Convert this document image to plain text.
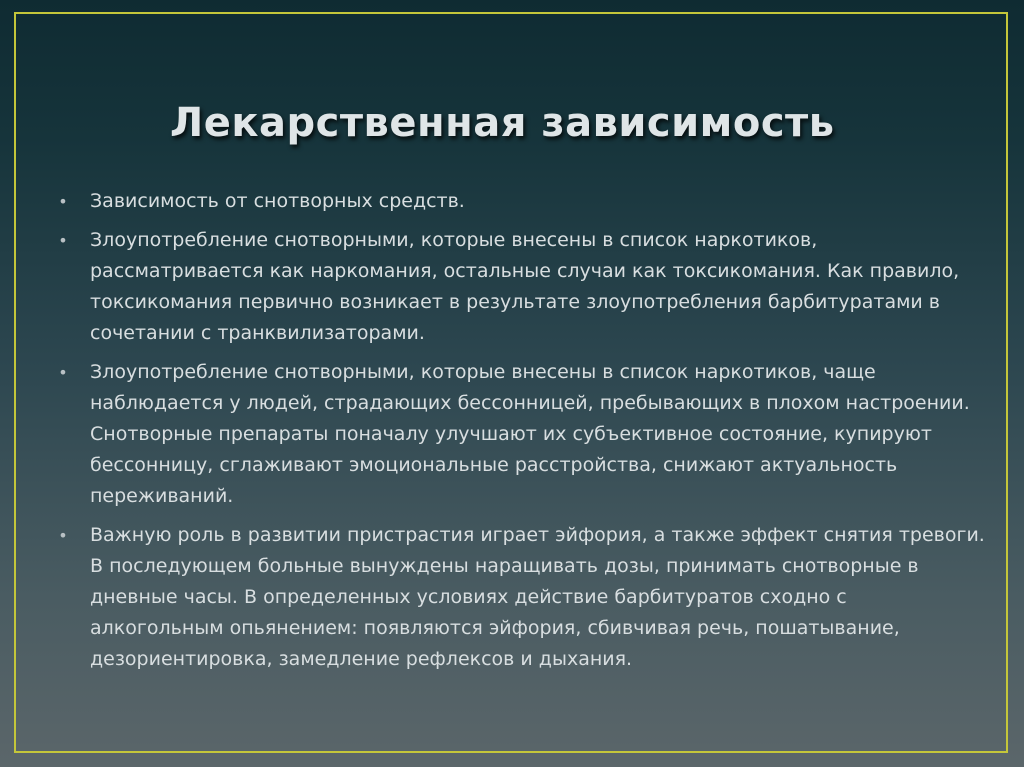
Лекарственная зависимость
• Зависимость от снотворных средств.
• Злоупотребление снотворными, которые внесены в список наркотиков, рассматривается как наркомания, остальные случаи как токсикомания. Как правило, токсикомания первично возникает в результате злоупотребления барбитуратами в сочетании с транквилизаторами.
• Злоупотребление снотворными, которые внесены в список наркотиков, чаще наблюдается у людей, страдающих бессонницей, пребывающих в плохом настроении. Снотворные препараты поначалу улучшают их субъективное состояние, купируют бессонницу, сглаживают эмоциональные расстройства, снижают актуальность переживаний.
• Важную роль в развитии пристрастия играет эйфория, а также эффект снятия тревоги. В последующем больные вынуждены наращивать дозы, принимать снотворные в дневные часы. В определенных условиях действие барбитуратов сходно с алкогольным опьянением: появляются эйфория, сбивчивая речь, пошатывание, дезориентировка, замедление рефлексов и дыхания.
